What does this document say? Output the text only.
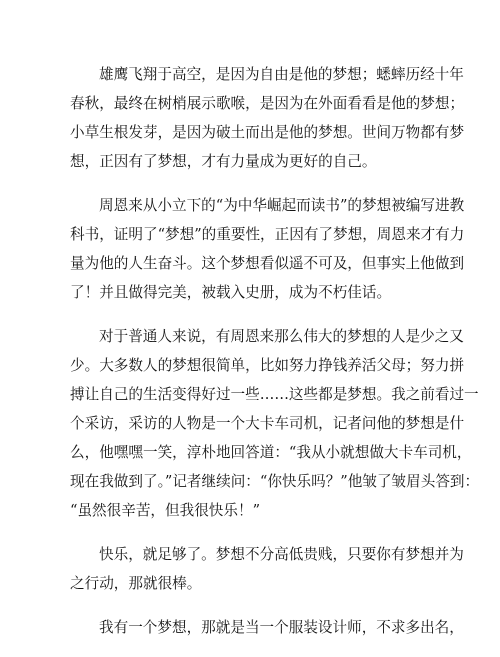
雄鹰飞翔于高空，是因为自由是他的梦想；蟋蟀历经十年
春秋，最终在树梢展示歌喉，是因为在外面看看是他的梦想；
小草生根发芽，是因为破土而出是他的梦想。世间万物都有梦
想，正因有了梦想，才有力量成为更好的自己。
周恩来从小立下的“为中华崛起而读书”的梦想被编写进教
科书，证明了“梦想”的重要性，正因有了梦想，周恩来才有力
量为他的人生奋斗。这个梦想看似遥不可及，但事实上他做到
了！并且做得完美，被载入史册，成为不朽佳话。
对于普通人来说，有周恩来那么伟大的梦想的人是少之又
少。大多数人的梦想很简单，比如努力挣钱养活父母；努力拼
搏让自己的生活变得好过一些……这些都是梦想。我之前看过一
个采访，采访的人物是一个大卡车司机，记者问他的梦想是什
么，他嘿嘿一笑，淳朴地回答道：“我从小就想做大卡车司机，
现在我做到了。”记者继续问：“你快乐吗？”他皱了皱眉头答到：
“虽然很辛苦，但我很快乐！”
快乐，就足够了。梦想不分高低贵贱，只要你有梦想并为
之行动，那就很棒。
我有一个梦想，那就是当一个服装设计师，不求多出名，
